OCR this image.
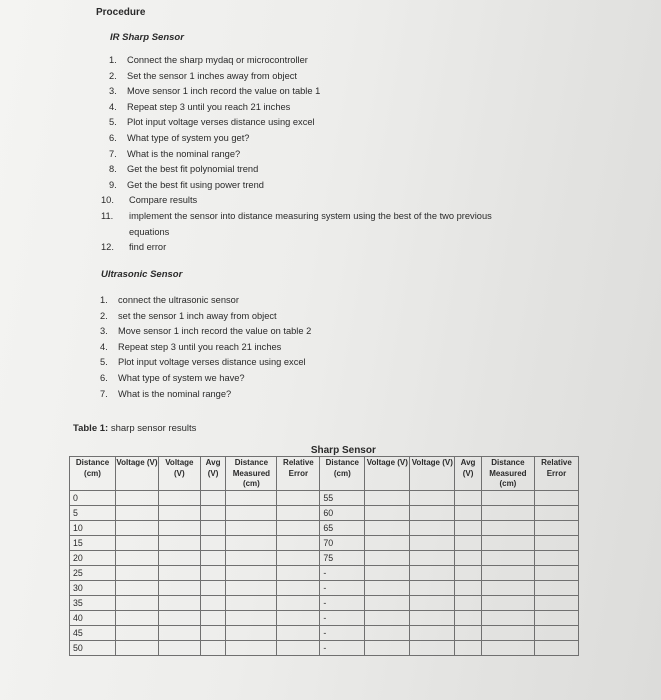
Procedure
IR Sharp Sensor
1. Connect the sharp mydaq or microcontroller
2. Set the sensor 1 inches away from object
3. Move sensor 1 inch record the value on table 1
4. Repeat step 3 until you reach 21 inches
5. Plot input voltage verses distance using excel
6. What type of system you get?
7. What is the nominal range?
8. Get the best fit polynomial trend
9. Get the best fit using power trend
10. Compare results
11. implement the sensor into distance measuring system using the best of the two previous
equations
12. find error
Ultrasonic Sensor
1. connect the ultrasonic sensor
2. set the sensor 1 inch away from object
3. Move sensor 1 inch record the value on table 2
4. Repeat step 3 until you reach 21 inches
5. Plot input voltage verses distance using excel
6. What type of system we have?
7. What is the nominal range?
Table 1: sharp sensor results
					Sharp Sensor						
Distance (cm)	Voltage (V)	Voltage (V)	Avg (V)	Distance Measured (cm)	Relative Error	Distance (cm)	Voltage (V)	Voltage (V)	Avg (V)	Distance Measured (cm)	Relative Error
0						55					
5						60					
10						65					
15						70					
20						75					
25						-					
30						-					
35						-					
40						-					
45						-					
50						-					
